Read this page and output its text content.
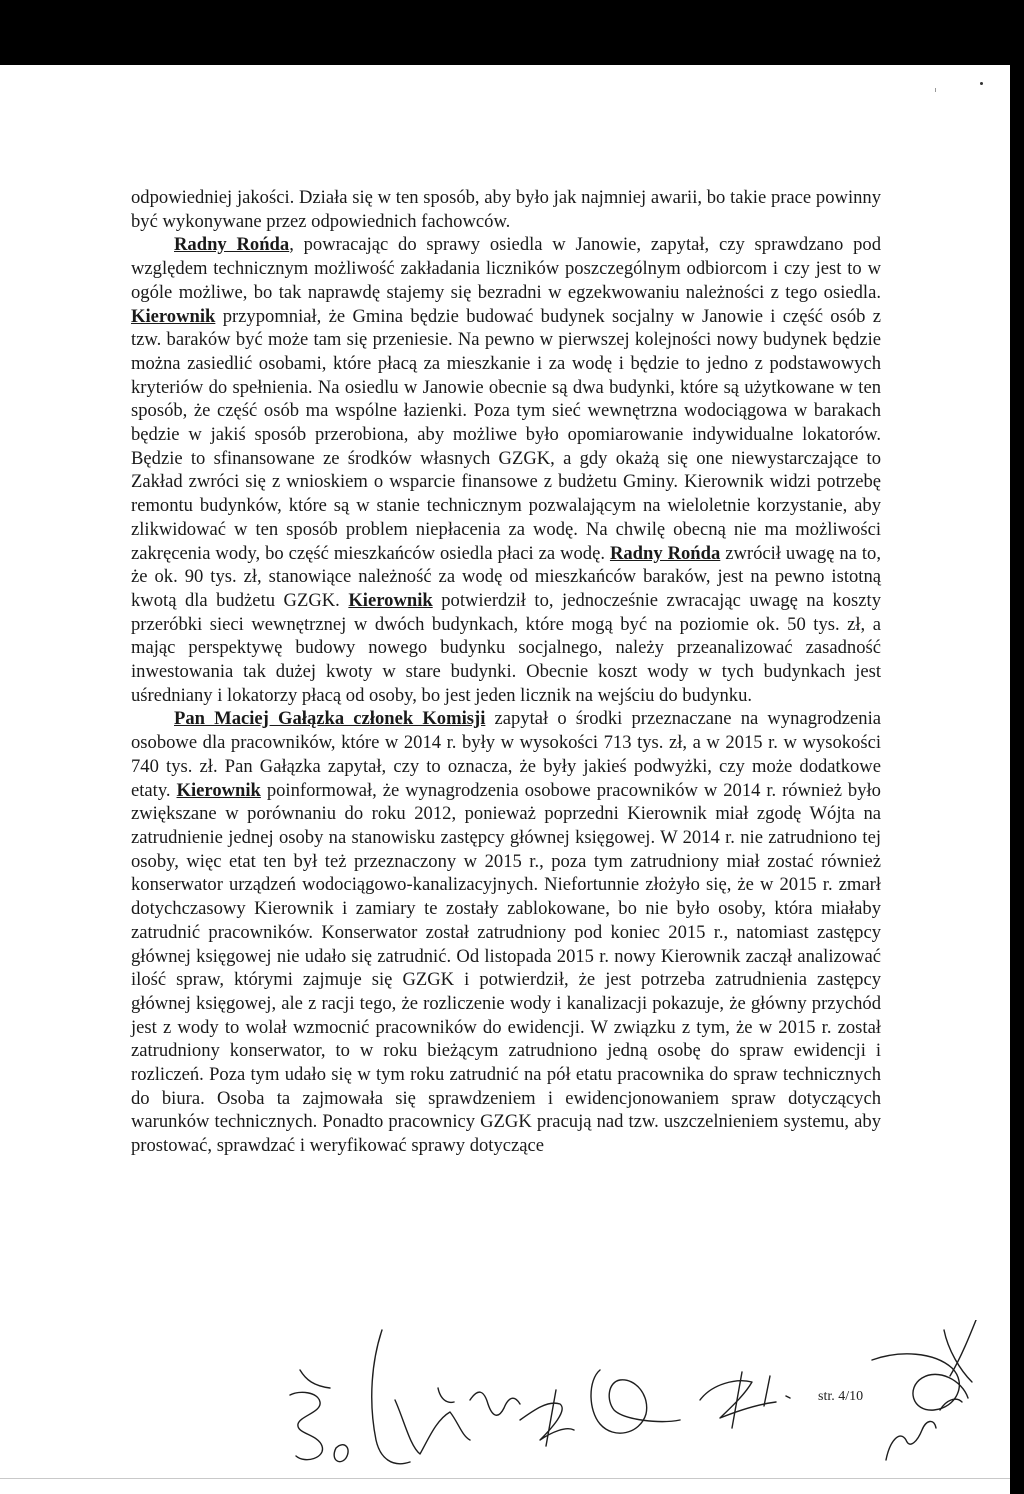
odpowiedniej jakości. Działa się w ten sposób, aby było jak najmniej awarii, bo takie prace powinny być wykonywane przez odpowiednich fachowców.

Radny Rońda, powracając do sprawy osiedla w Janowie, zapytał, czy sprawdzano pod względem technicznym możliwość zakładania liczników poszczególnym odbiorcom i czy jest to w ogóle możliwe, bo tak naprawdę stajemy się bezradni w egzekwowaniu należności z tego osiedla. Kierownik przypomniał, że Gmina będzie budować budynek socjalny w Janowie i część osób z tzw. baraków być może tam się przeniesie. Na pewno w pierwszej kolejności nowy budynek będzie można zasiedlić osobami, które płacą za mieszkanie i za wodę i będzie to jedno z podstawowych kryteriów do spełnienia. Na osiedlu w Janowie obecnie są dwa budynki, które są użytkowane w ten sposób, że część osób ma wspólne łazienki. Poza tym sieć wewnętrzna wodociągowa w barakach będzie w jakiś sposób przerobiona, aby możliwe było opomiarowanie indywidualne lokatorów. Będzie to sfinansowane ze środków własnych GZGK, a gdy okażą się one niewystarczające to Zakład zwróci się z wnioskiem o wsparcie finansowe z budżetu Gminy. Kierownik widzi potrzebę remontu budynków, które są w stanie technicznym pozwalającym na wieloletnie korzystanie, aby zlikwidować w ten sposób problem niepłacenia za wodę. Na chwilę obecną nie ma możliwości zakręcenia wody, bo część mieszkańców osiedla płaci za wodę. Radny Rońda zwrócił uwagę na to, że ok. 90 tys. zł, stanowiące należność za wodę od mieszkańców baraków, jest na pewno istotną kwotą dla budżetu GZGK. Kierownik potwierdził to, jednocześnie zwracając uwagę na koszty przeróbki sieci wewnętrznej w dwóch budynkach, które mogą być na poziomie ok. 50 tys. zł, a mając perspektywę budowy nowego budynku socjalnego, należy przeanalizować zasadność inwestowania tak dużej kwoty w stare budynki. Obecnie koszt wody w tych budynkach jest uśredniany i lokatorzy płacą od osoby, bo jest jeden licznik na wejściu do budynku.

Pan Maciej Gałązka członek Komisji zapytał o środki przeznaczane na wynagrodzenia osobowe dla pracowników, które w 2014 r. były w wysokości 713 tys. zł, a w 2015 r. w wysokości 740 tys. zł. Pan Gałązka zapytał, czy to oznacza, że były jakieś podwyżki, czy może dodatkowe etaty. Kierownik poinformował, że wynagrodzenia osobowe pracowników w 2014 r. również było zwiększane w porównaniu do roku 2012, ponieważ poprzedni Kierownik miał zgodę Wójta na zatrudnienie jednej osoby na stanowisku zastępcy głównej księgowej. W 2014 r. nie zatrudniono tej osoby, więc etat ten był też przeznaczony w 2015 r., poza tym zatrudniony miał zostać również konserwator urządzeń wodociągowo-kanalizacyjnych. Niefortunnie złożyło się, że w 2015 r. zmarł dotychczasowy Kierownik i zamiary te zostały zablokowane, bo nie było osoby, która miałaby zatrudnić pracowników. Konserwator został zatrudniony pod koniec 2015 r., natomiast zastępcy głównej księgowej nie udało się zatrudnić. Od listopada 2015 r. nowy Kierownik zaczął analizować ilość spraw, którymi zajmuje się GZGK i potwierdził, że jest potrzeba zatrudnienia zastępcy głównej księgowej, ale z racji tego, że rozliczenie wody i kanalizacji pokazuje, że główny przychód jest z wody to wolał wzmocnić pracowników do ewidencji. W związku z tym, że w 2015 r. został zatrudniony konserwator, to w roku bieżącym zatrudniono jedną osobę do spraw ewidencji i rozliczeń. Poza tym udało się w tym roku zatrudnić na pół etatu pracownika do spraw technicznych do biura. Osoba ta zajmowała się sprawdzeniem i ewidencjonowaniem spraw dotyczących warunków technicznych. Ponadto pracownicy GZGK pracują nad tzw. uszczelnieniem systemu, aby prostować, sprawdzać i weryfikować sprawy dotyczące

str. 4/10
